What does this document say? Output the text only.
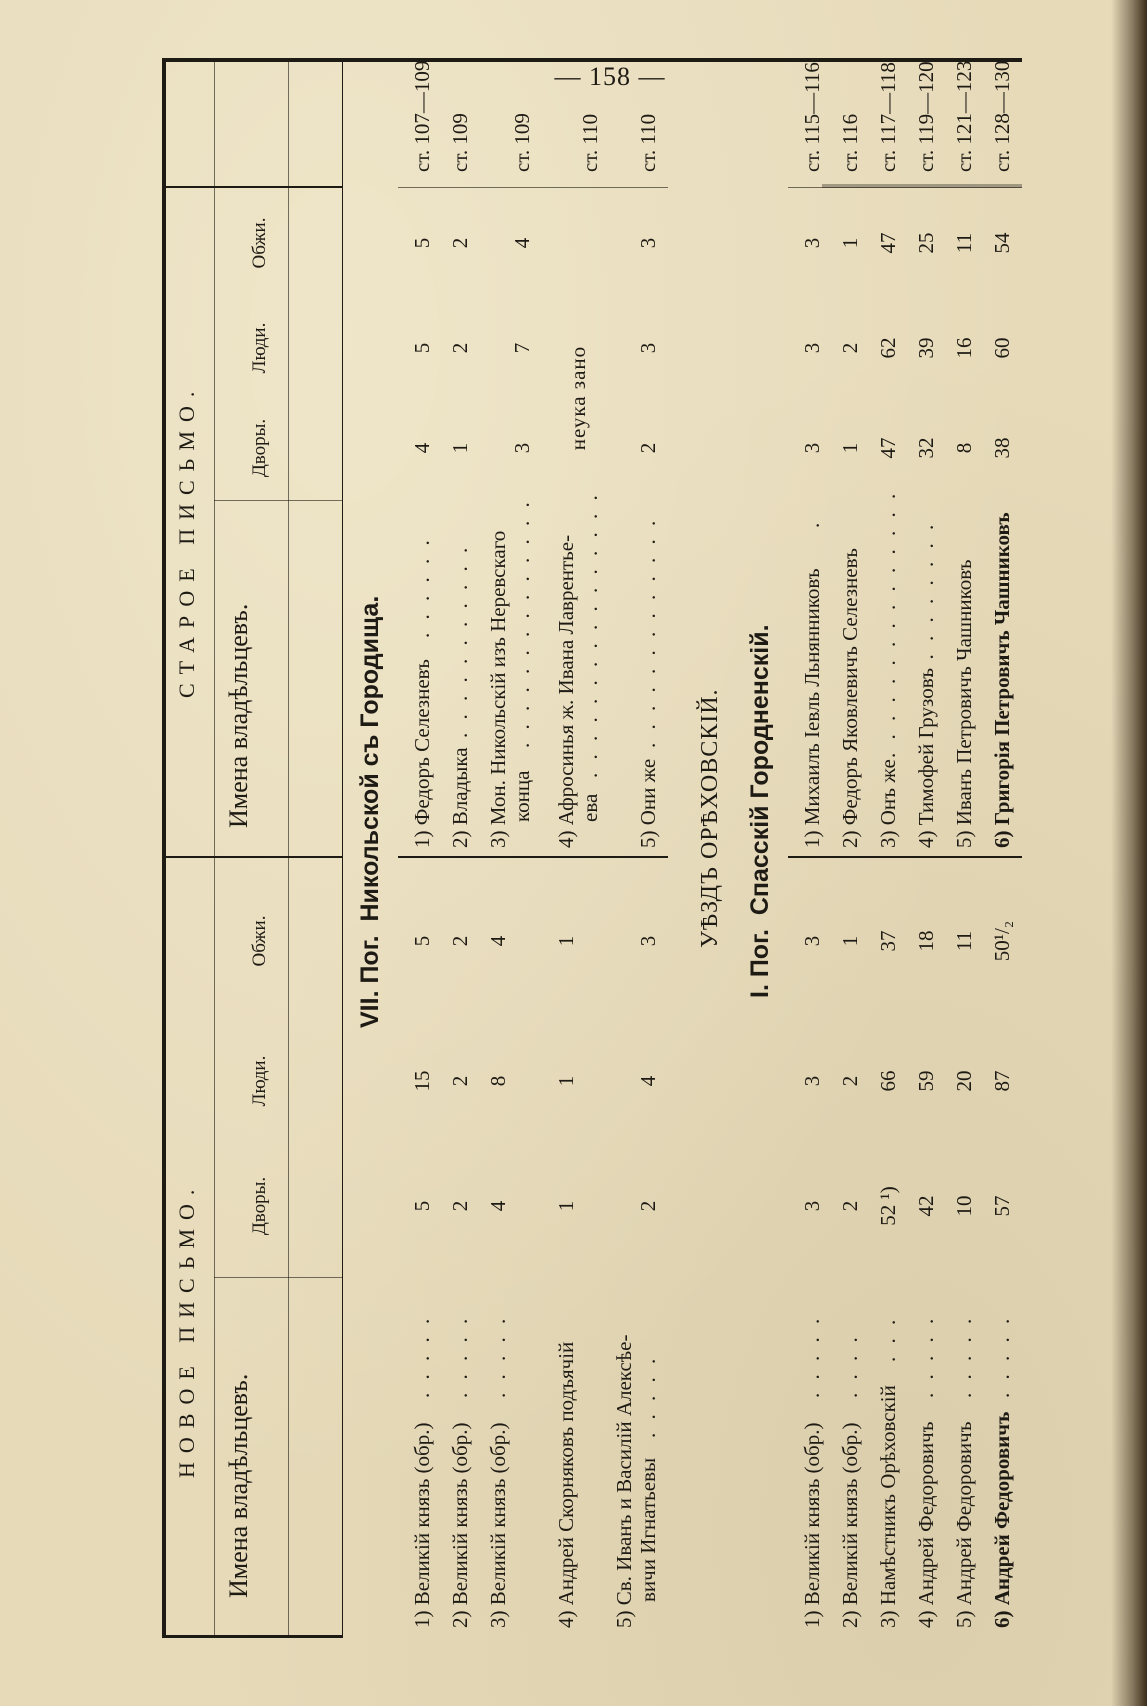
— 158 —
НОВОЕ ПИСЬМО.
СТАРОЕ ПИСЬМО.
Имена владѣльцевъ.
Имена владѣльцевъ.
Дворы.
Люди.
Обжи.
Дворы.
Люди.
Обжи.
VII. Пог.  Никольской съ Городища.
1) Великій князь (обр.)
. . . . .
5
15
5
1) Федоръ Селезневъ
. . . . . .
4
5
5
ст. 107—109
2) Великій князь (обр.)
. . . . .
2
2
2
2) Владыка
. . . . . . . . . . .
1
2
2
ст. 109
3) Великій князь (обр.)
. . . . .
4
8
4
3) Мон. Никольскій изъ Неревскаго конца
. . . . . . . . . . . . . .
3
7
4
ст. 109
4) Андрей Скорняковъ подъячій
1
1
1
4) Афросинья ж. Ивана Лаврентье- ева
. . . . . . . . . . . . . . . .
неука зано
ст. 110
5) Св. Иванъ и Василій Алексѣе- вичи Игнатьевы
. . . . .
2
4
3
5) Они же
. . . . . . . . . . . . .
2
3
3
ст. 110
УѢЗДЪ ОРѢХОВСКІЙ.
I. Пог.  Спасскій Городненскій.
1) Великій князь (обр.)
. . . . .
3
3
3
1) Михаилъ Іевль Льнянниковъ
.
3
3
3
ст. 115—116
2) Великій князь (обр.)
. . . .
2
2
1
2) Федоръ Яковлевичъ Селезневъ
1
2
1
ст. 116
3) Намѣстникъ Орѣховскій
. . .
52 ¹)
66
37
3) Онъ же
. . . . . . . . . . . . . . .
47
62
47
ст. 117—118
4) Андрей Федоровичъ
. . . . .
42
59
18
4) Тимофей Грузовъ
. . . . . . . . .
32
39
25
ст. 119—120
5) Андрей Федоровичъ
. . . . .
10
20
11
5) Иванъ Петровичъ Чашниковъ
8
16
11
ст. 121—123
6) Андрей Федоровичъ
. . . . .
57
87
50¹/₂
6) Григорія Петровичъ Чашниковъ
38
60
54
ст. 128—130
